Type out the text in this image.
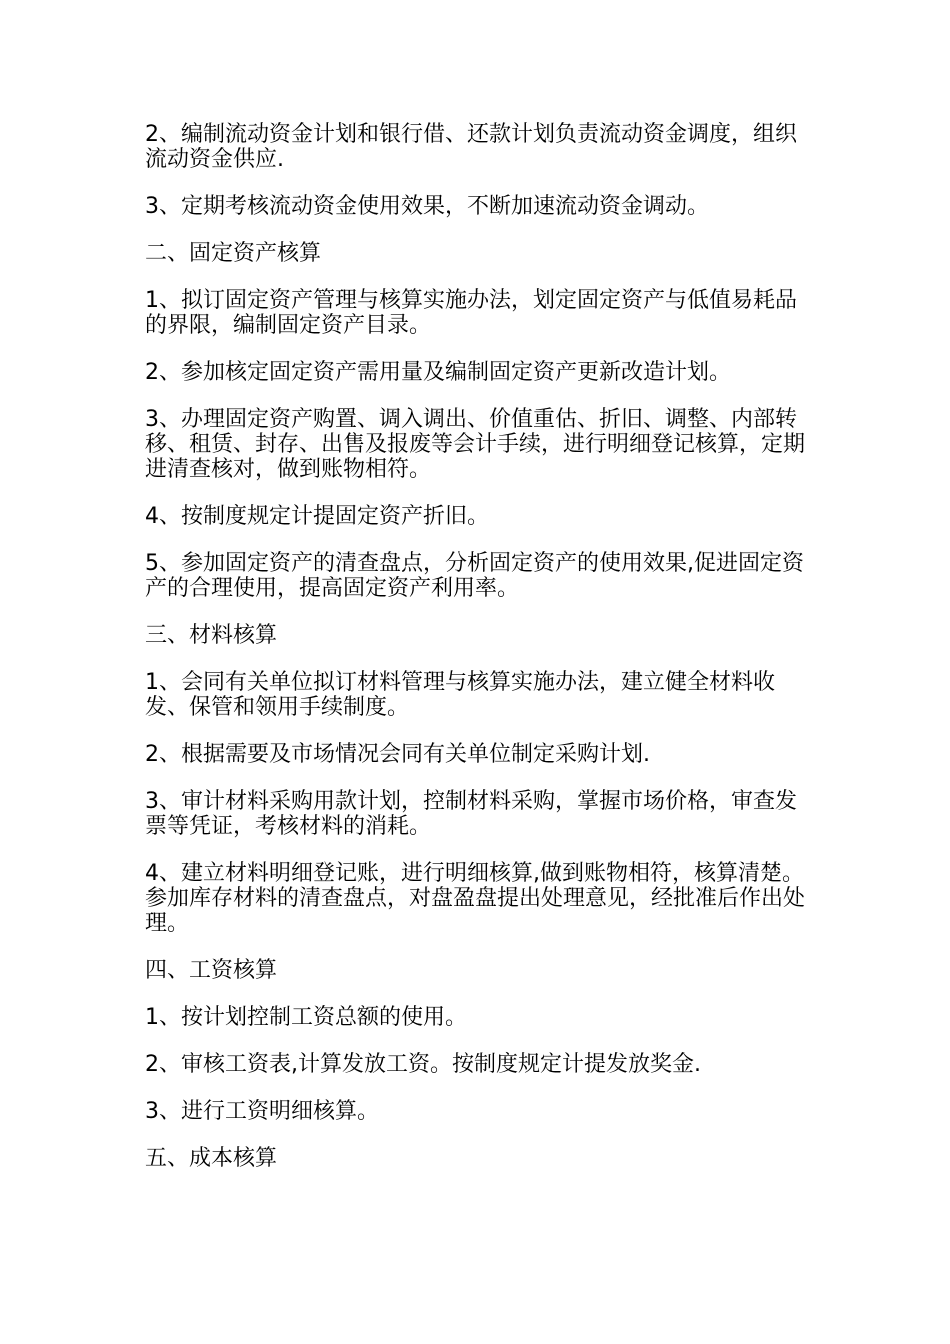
2、编制流动资金计划和银行借、还款计划负责流动资金调度，组织流动资金供应.

3、定期考核流动资金使用效果，不断加速流动资金调动。

二、固定资产核算

1、拟订固定资产管理与核算实施办法，划定固定资产与低值易耗品的界限，编制固定资产目录。

2、参加核定固定资产需用量及编制固定资产更新改造计划。

3、办理固定资产购置、调入调出、价值重估、折旧、调整、内部转移、租赁、封存、出售及报废等会计手续，进行明细登记核算，定期进清查核对，做到账物相符。

4、按制度规定计提固定资产折旧。

5、参加固定资产的清查盘点，分析固定资产的使用效果,促进固定资产的合理使用，提高固定资产利用率。

三、材料核算

1、会同有关单位拟订材料管理与核算实施办法，建立健全材料收发、保管和领用手续制度。

2、根据需要及市场情况会同有关单位制定采购计划.

3、审计材料采购用款计划，控制材料采购，掌握市场价格，审查发票等凭证，考核材料的消耗。

4、建立材料明细登记账，进行明细核算,做到账物相符，核算清楚。参加库存材料的清查盘点，对盘盈盘提出处理意见，经批准后作出处理。

四、工资核算

1、按计划控制工资总额的使用。

2、审核工资表,计算发放工资。按制度规定计提发放奖金.

3、进行工资明细核算。

五、成本核算
